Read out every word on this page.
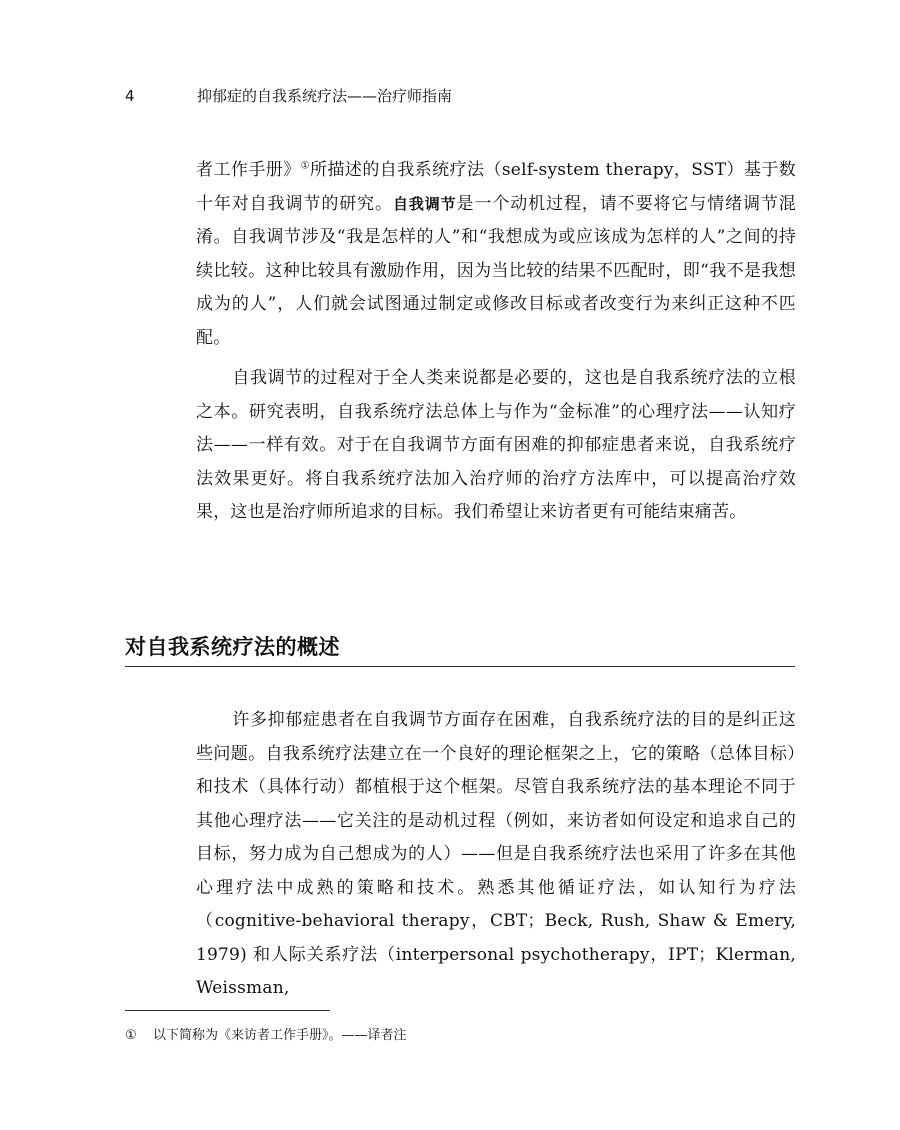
4	抑郁症的自我系统疗法——治疗师指南

者工作手册》①所描述的自我系统疗法（self-system therapy，SST）基于数十年对自我调节的研究。自我调节是一个动机过程，请不要将它与情绪调节混淆。自我调节涉及“我是怎样的人”和“我想成为或应该成为怎样的人”之间的持续比较。这种比较具有激励作用，因为当比较的结果不匹配时，即“我不是我想成为的人”，人们就会试图通过制定或修改目标或者改变行为来纠正这种不匹配。

自我调节的过程对于全人类来说都是必要的，这也是自我系统疗法的立根之本。研究表明，自我系统疗法总体上与作为“金标准”的心理疗法——认知疗法——一样有效。对于在自我调节方面有困难的抑郁症患者来说，自我系统疗法效果更好。将自我系统疗法加入治疗师的治疗方法库中，可以提高治疗效果，这也是治疗师所追求的目标。我们希望让来访者更有可能结束痛苦。

对自我系统疗法的概述

许多抑郁症患者在自我调节方面存在困难，自我系统疗法的目的是纠正这些问题。自我系统疗法建立在一个良好的理论框架之上，它的策略（总体目标）和技术（具体行动）都植根于这个框架。尽管自我系统疗法的基本理论不同于其他心理疗法——它关注的是动机过程（例如，来访者如何设定和追求自己的目标，努力成为自己想成为的人）——但是自我系统疗法也采用了许多在其他心理疗法中成熟的策略和技术。熟悉其他循证疗法，如认知行为疗法（cognitive-behavioral therapy，CBT；Beck, Rush, Shaw & Emery, 1979) 和人际关系疗法（interpersonal psychotherapy，IPT；Klerman, Weissman,

① 以下简称为《来访者工作手册》。——译者注
